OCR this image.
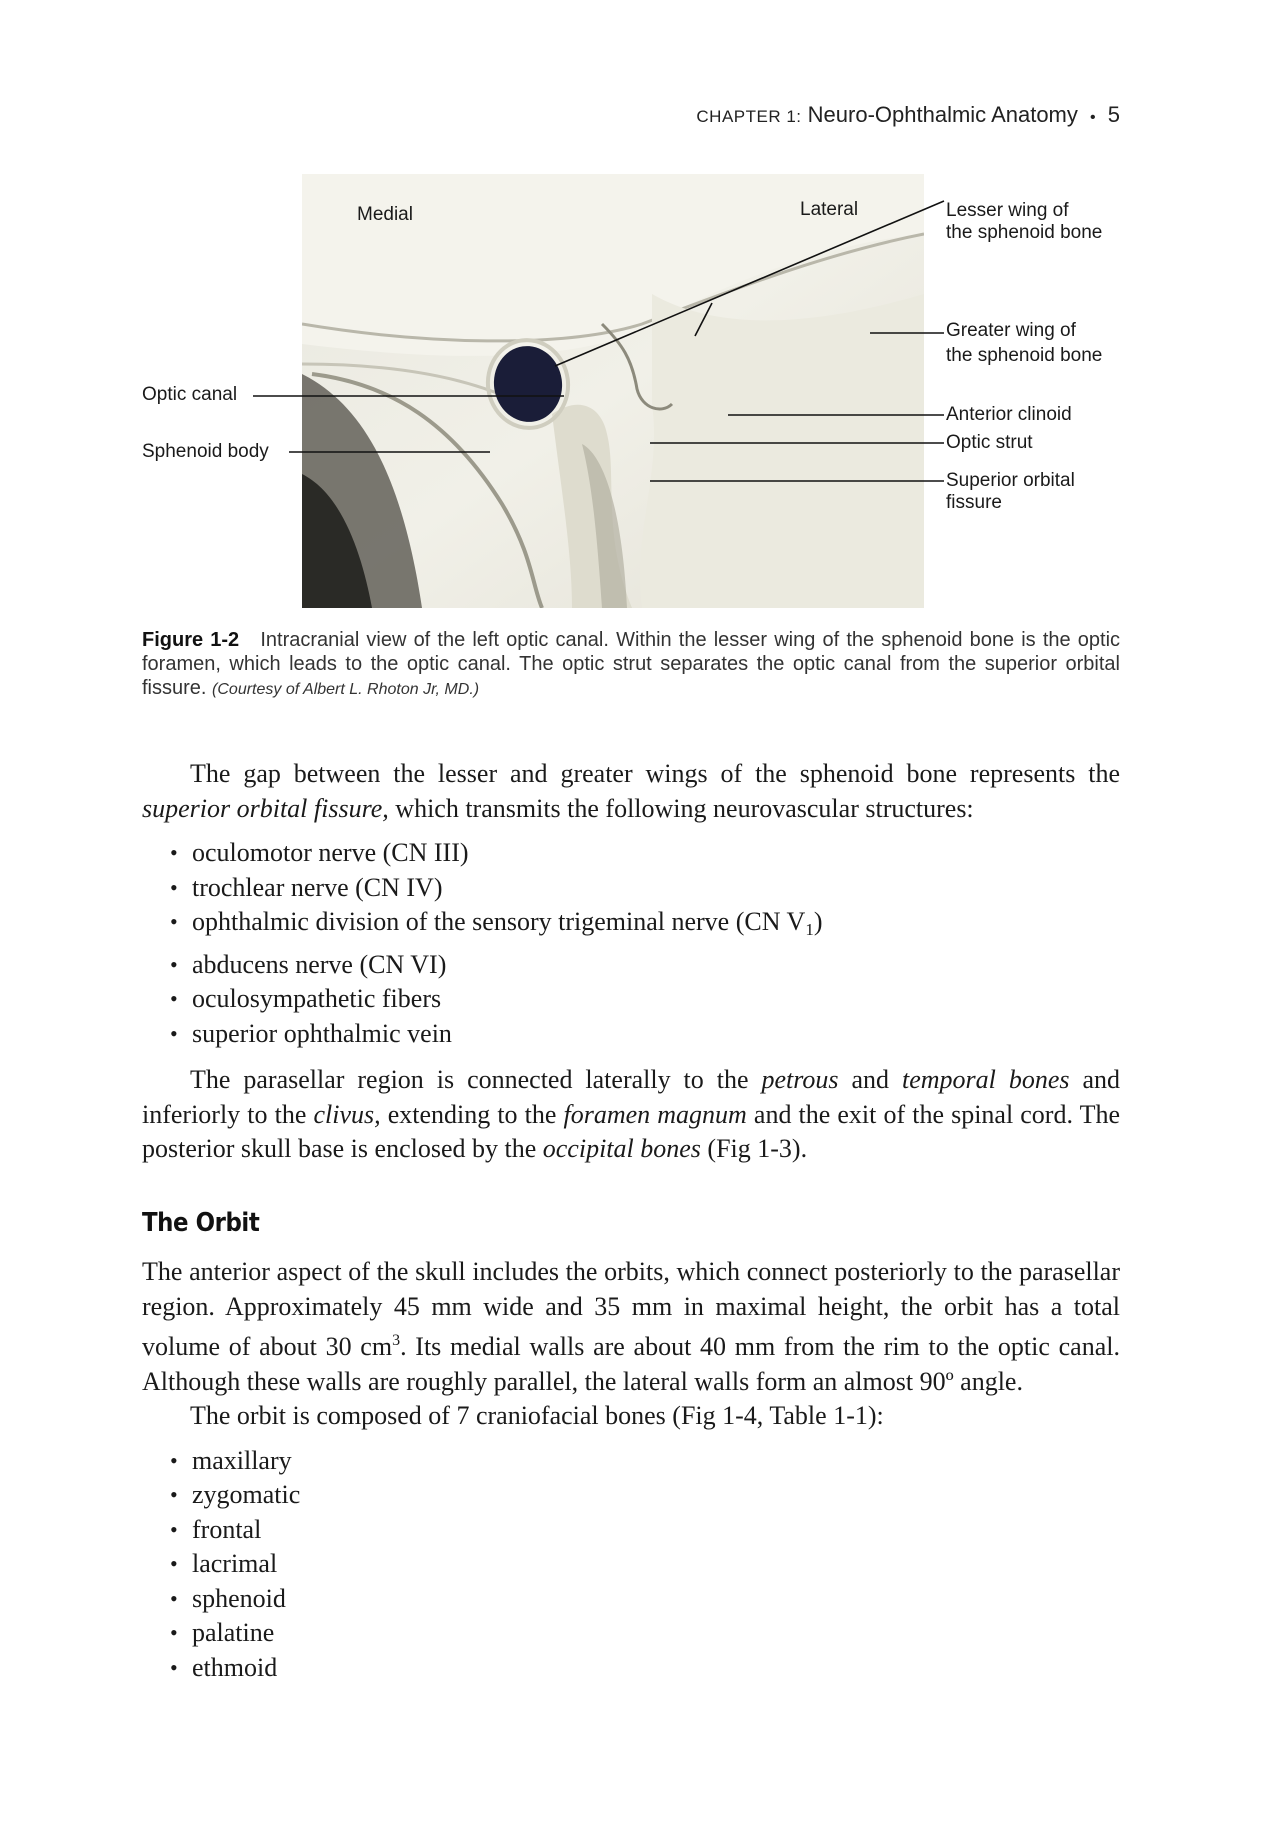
CHAPTER 1: Neuro-Ophthalmic Anatomy • 5
Medial	Lateral	Lesser wing of
the sphenoid bone
Greater wing of
the sphenoid bone
Optic canal
Sphenoid body
Anterior clinoid
Optic strut
Superior orbital
fissure
Figure 1-2 Intracranial view of the left optic canal. Within the lesser wing of the sphenoid bone is the optic foramen, which leads to the optic canal. The optic strut separates the optic canal from the superior orbital fissure. (Courtesy of Albert L. Rhoton Jr, MD.)

The gap between the lesser and greater wings of the sphenoid bone represents the superior orbital fissure, which transmits the following neurovascular structures:

• oculomotor nerve (CN III)
• trochlear nerve (CN IV)
• ophthalmic division of the sensory trigeminal nerve (CN $V_1$)
• abducens nerve (CN VI)
• oculosympathetic fibers
• superior ophthalmic vein

The parasellar region is connected laterally to the petrous and temporal bones and inferiorly to the clivus, extending to the foramen magnum and the exit of the spinal cord. The posterior skull base is enclosed by the occipital bones (Fig 1-3).

The Orbit

The anterior aspect of the skull includes the orbits, which connect posteriorly to the parasellar region. Approximately 45 mm wide and 35 mm in maximal height, the orbit has a total volume of about 30 $cm^3$. Its medial walls are about 40 mm from the rim to the optic canal. Although these walls are roughly parallel, the lateral walls form an almost 90º angle.

The orbit is composed of 7 craniofacial bones (Fig 1-4, Table 1-1):

• maxillary
• zygomatic
• frontal
• lacrimal
• sphenoid
• palatine
• ethmoid
